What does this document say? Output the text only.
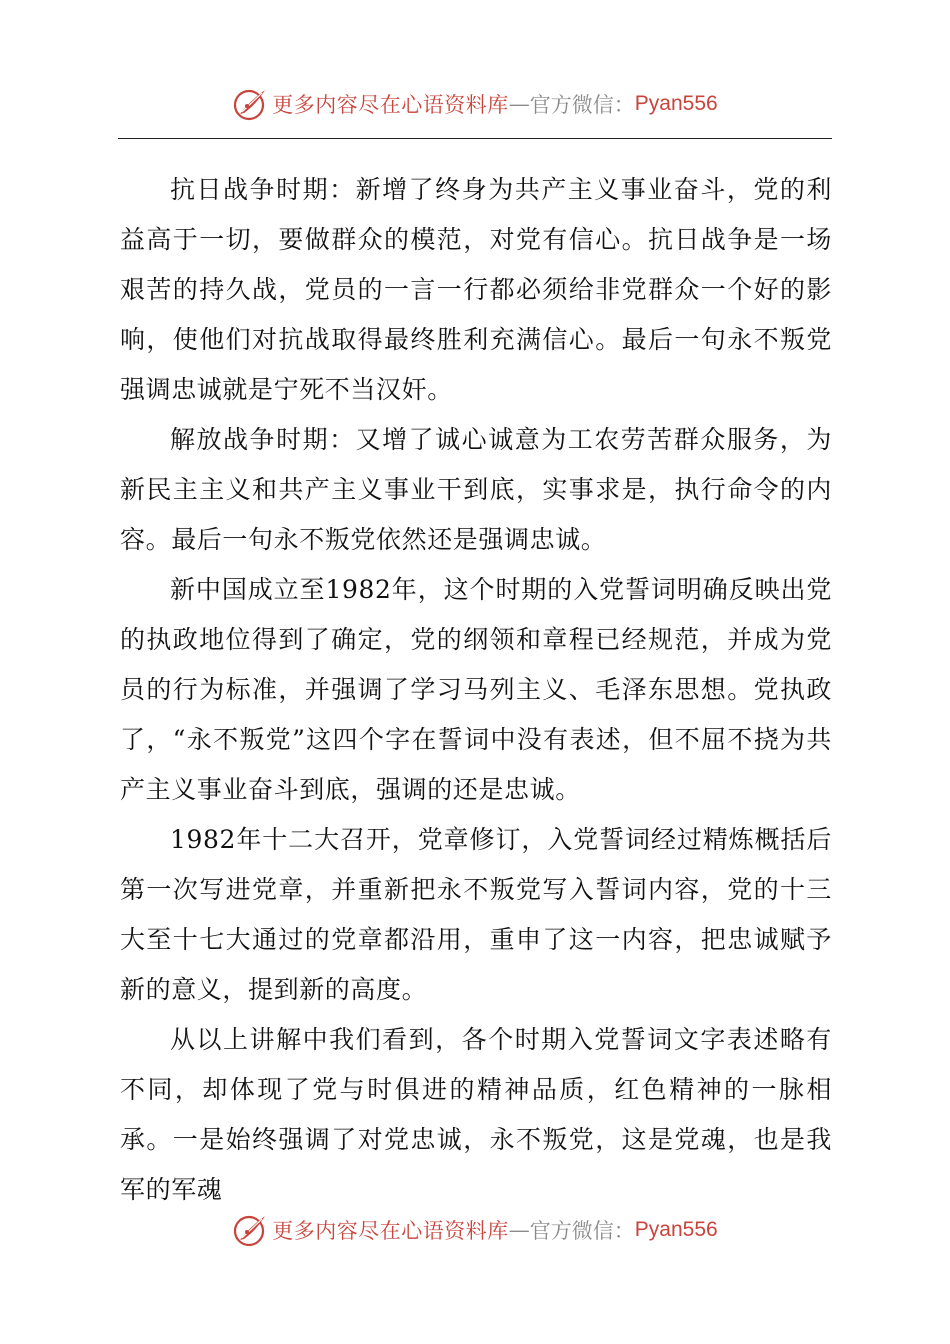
更多内容尽在心语资料库 — 官方微信： Pyan556

抗日战争时期：新增了终身为共产主义事业奋斗，党的利益高于一切，要做群众的模范，对党有信心。抗日战争是一场艰苦的持久战，党员的一言一行都必须给非党群众一个好的影响，使他们对抗战取得最终胜利充满信心。最后一句永不叛党强调忠诚就是宁死不当汉奸。

解放战争时期：又增了诚心诚意为工农劳苦群众服务，为新民主主义和共产主义事业干到底，实事求是，执行命令的内容。最后一句永不叛党依然还是强调忠诚。

新中国成立至1982年，这个时期的入党誓词明确反映出党的执政地位得到了确定，党的纲领和章程已经规范，并成为党员的行为标准，并强调了学习马列主义、毛泽东思想。党执政了，“永不叛党”这四个字在誓词中没有表述，但不屈不挠为共产主义事业奋斗到底，强调的还是忠诚。

1982年十二大召开，党章修订，入党誓词经过精炼概括后第一次写进党章，并重新把永不叛党写入誓词内容，党的十三大至十七大通过的党章都沿用，重申了这一内容，把忠诚赋予新的意义，提到新的高度。

从以上讲解中我们看到，各个时期入党誓词文字表述略有不同，却体现了党与时俱进的精神品质，红色精神的一脉相承。一是始终强调了对党忠诚，永不叛党，这是党魂，也是我军的军魂

更多内容尽在心语资料库 — 官方微信： Pyan556
